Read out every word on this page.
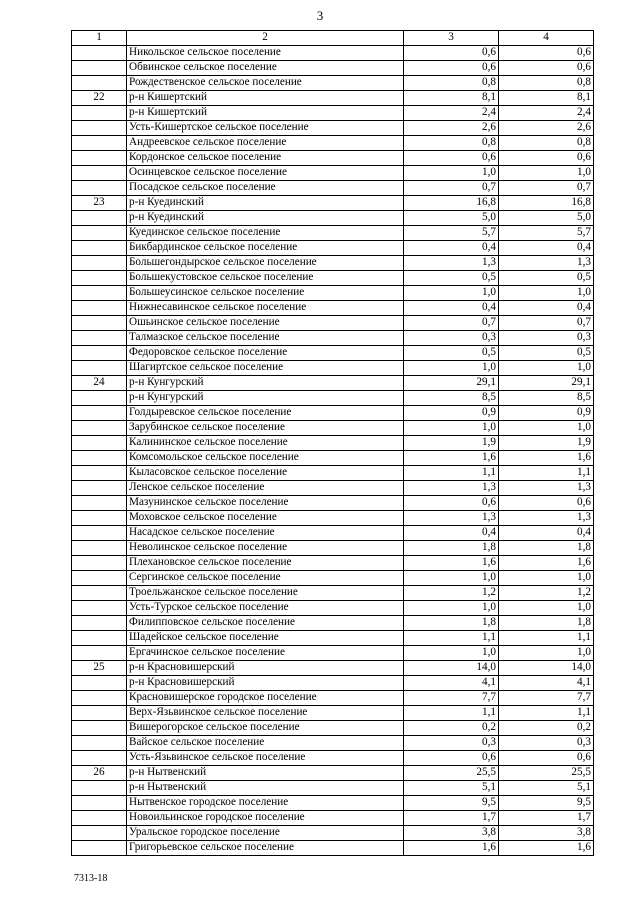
3
1	2	3	4
	Никольское сельское поселение	0,6	0,6
	Обвинское сельское поселение	0,6	0,6
	Рождественское сельское поселение	0,8	0,8
22	р-н Кишертский	8,1	8,1
	р-н Кишертский	2,4	2,4
	Усть-Кишертское сельское поселение	2,6	2,6
	Андреевское сельское поселение	0,8	0,8
	Кордонское сельское поселение	0,6	0,6
	Осинцевское сельское поселение	1,0	1,0
	Посадское сельское поселение	0,7	0,7
23	р-н Куединский	16,8	16,8
	р-н Куединский	5,0	5,0
	Куединское сельское поселение	5,7	5,7
	Бикбардинское сельское поселение	0,4	0,4
	Большегондырское сельское поселение	1,3	1,3
	Большекустовское сельское поселение	0,5	0,5
	Большеусинское сельское поселение	1,0	1,0
	Нижнесавинское сельское поселение	0,4	0,4
	Ошьинское сельское поселение	0,7	0,7
	Талмазское сельское поселение	0,3	0,3
	Федоровское сельское поселение	0,5	0,5
	Шагиртское сельское поселение	1,0	1,0
24	р-н Кунгурский	29,1	29,1
	р-н Кунгурский	8,5	8,5
	Голдыревское сельское поселение	0,9	0,9
	Зарубинское сельское поселение	1,0	1,0
	Калининское сельское поселение	1,9	1,9
	Комсомольское сельское поселение	1,6	1,6
	Кыласовское сельское поселение	1,1	1,1
	Ленское сельское поселение	1,3	1,3
	Мазунинское сельское поселение	0,6	0,6
	Моховское сельское поселение	1,3	1,3
	Насадское сельское поселение	0,4	0,4
	Неволинское сельское поселение	1,8	1,8
	Плехановское сельское поселение	1,6	1,6
	Сергинское сельское поселение	1,0	1,0
	Троельжанское сельское поселение	1,2	1,2
	Усть-Турское сельское поселение	1,0	1,0
	Филипповское сельское поселение	1,8	1,8
	Шадейское сельское поселение	1,1	1,1
	Ергачинское сельское поселение	1,0	1,0
25	р-н Красновишерский	14,0	14,0
	р-н Красновишерский	4,1	4,1
	Красновишерское городское поселение	7,7	7,7
	Верх-Язьвинское сельское поселение	1,1	1,1
	Вишерогорское сельское поселение	0,2	0,2
	Вайское сельское поселение	0,3	0,3
	Усть-Язьвинское сельское поселение	0,6	0,6
26	р-н Нытвенский	25,5	25,5
	р-н Нытвенский	5,1	5,1
	Нытвенское городское поселение	9,5	9,5
	Новоильинское городское поселение	1,7	1,7
	Уральское городское поселение	3,8	3,8
	Григорьевское сельское поселение	1,6	1,6
7313-18
